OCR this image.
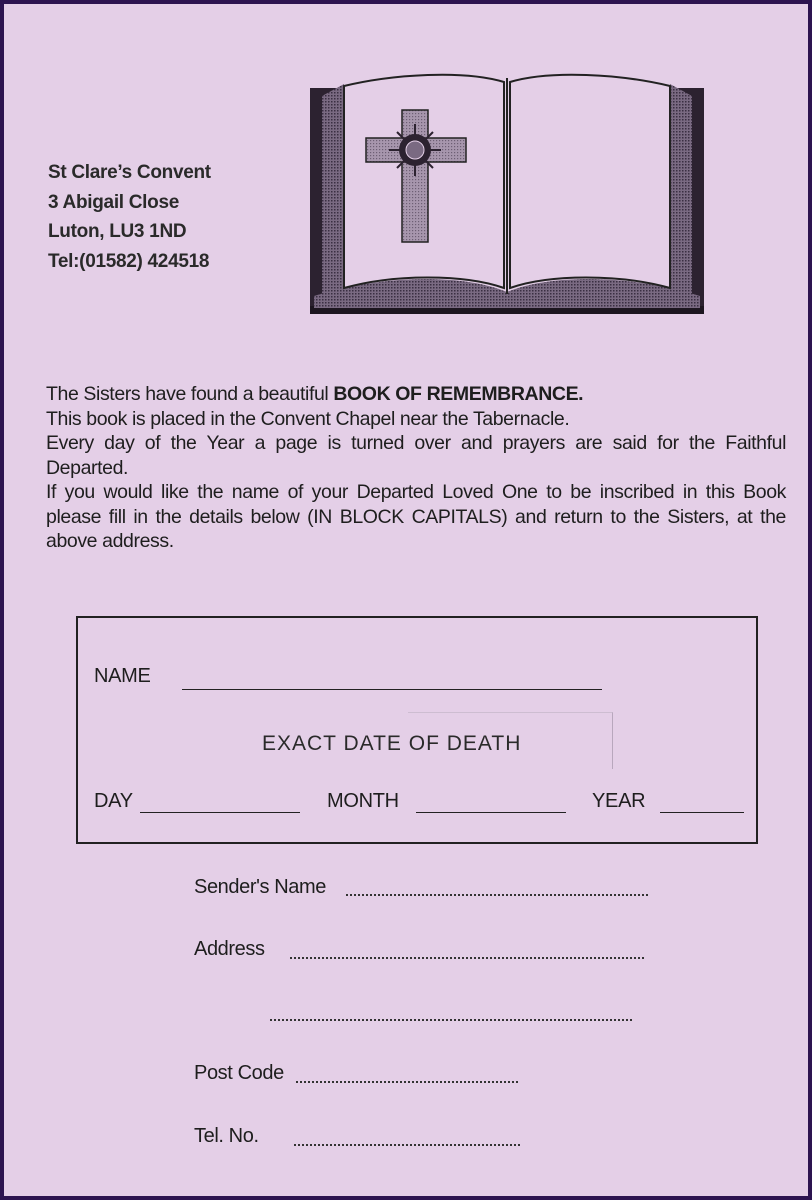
St Clare’s Convent
3 Abigail Close
Luton, LU3 1ND
Tel:(01582) 424518

The Sisters have found a beautiful BOOK OF REMEMBRANCE.

This book is placed in the Convent Chapel near the Tabernacle.

Every day of the Year a page is turned over and prayers are said for the Faithful Departed.

If you would like the name of your Departed Loved One to be inscribed in this Book please fill in the details below (IN BLOCK CAPITALS) and return to the Sisters, at the above address.

NAME
EXACT DATE OF DEATH
DAY	MONTH	YEAR
Sender's Name
Address
Post Code
Tel. No.
